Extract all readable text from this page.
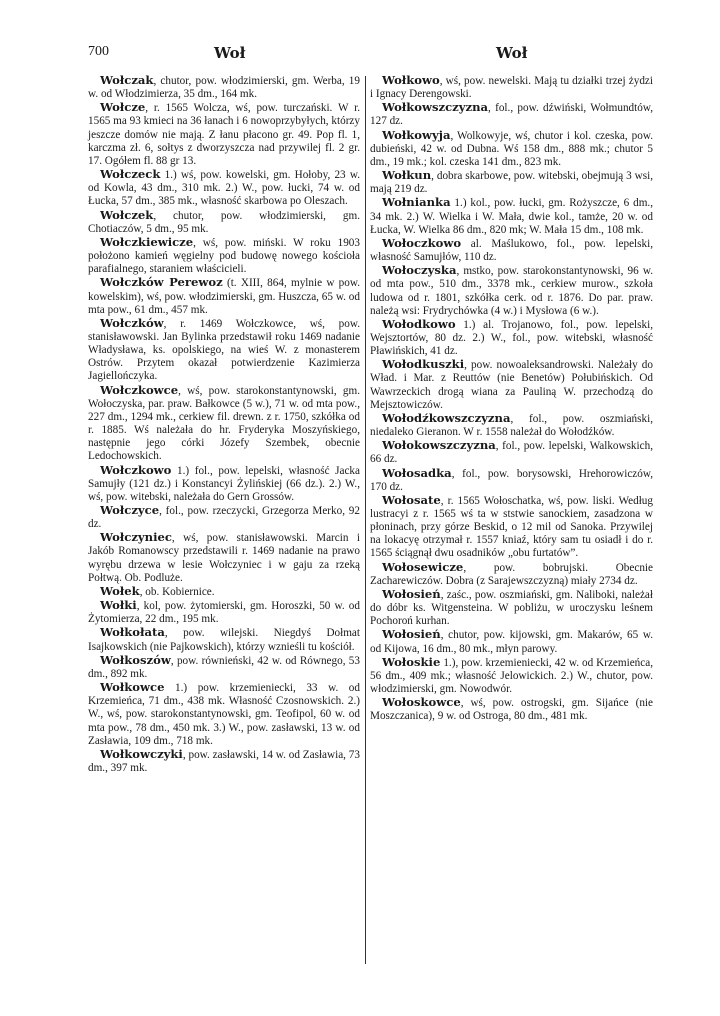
700	Woł	Woł

Wołczak, chutor, pow. włodzimierski, gm. Werba, 19 w. od Włodzimierza, 35 dm., 164 mk.

Wołcze, r. 1565 Wolcza, wś, pow. turczański. W r. 1565 ma 93 kmieci na 36 łanach i 6 nowoprzybyłych, którzy jeszcze domów nie mają. Z łanu płacono gr. 49. Pop fl. 1, karczma zł. 6, sołtys z dworzyszcza nad przywilej fl. 2 gr. 17. Ogółem fl. 88 gr 13.

Wołczeck 1.) wś, pow. kowelski, gm. Hołoby, 23 w. od Kowla, 43 dm., 310 mk. 2.) W., pow. łucki, 74 w. od Łucka, 57 dm., 385 mk., własność skarbowa po Oleszach.

Wołczek, chutor, pow. włodzimierski, gm. Chotiaczów, 5 dm., 95 mk.

Wołczkiewicze, wś, pow. miński. W roku 1903 położono kamień węgielny pod budowę nowego kościoła parafialnego, staraniem właścicieli.

Wołczków Perewoz (t. XIII, 864, mylnie w pow. kowelskim), wś, pow. włodzimierski, gm. Huszcza, 65 w. od mta pow., 61 dm., 457 mk.

Wołczków, r. 1469 Wołczkowce, wś, pow. stanisławowski. Jan Bylinka przedstawił roku 1469 nadanie Władysława, ks. opolskiego, na wieś W. z monasterem Ostrów. Przytem okazał potwierdzenie Kazimierza Jagiellończyka.

Wołczkowce, wś, pow. starokonstantynowski, gm. Wołoczyska, par. praw. Bałkowce (5 w.), 71 w. od mta pow., 227 dm., 1294 mk., cerkiew fil. drewn. z r. 1750, szkółka od r. 1885. Wś należała do hr. Fryderyka Moszyńskiego, następnie jego córki Józefy Szembek, obecnie Ledochowskich.

Wołczkowo 1.) fol., pow. lepelski, własność Jacka Samujły (121 dz.) i Konstancyi Żylińskiej (66 dz.). 2.) W., wś, pow. witebski, należała do Gern Grossów.

Wołczyce, fol., pow. rzeczycki, Grzegorza Merko, 92 dz.

Wołczyniec, wś, pow. stanisławowski. Marcin i Jakób Romanowscy przedstawili r. 1469 nadanie na prawo wyrębu drzewa w lesie Wołczyniec i w gaju za rzeką Połtwą. Ob. Podluże.

Wołek, ob. Kobiernice.

Wołki, kol, pow. żytomierski, gm. Horoszki, 50 w. od Żytomierza, 22 dm., 195 mk.

Wołkołata, pow. wilejski. Niegdyś Dołmat Isajkowskich (nie Pajkowskich), którzy wznieśli tu kościół.

Wołkoszów, pow. równieński, 42 w. od Równego, 53 dm., 892 mk.

Wołkowce 1.) pow. krzemieniecki, 33 w. od Krzemieńca, 71 dm., 438 mk. Własność Czosnowskich. 2.) W., wś, pow. starokonstantynowski, gm. Teofipol, 60 w. od mta pow., 78 dm., 450 mk. 3.) W., pow. zasławski, 13 w. od Zasławia, 109 dm., 718 mk.

Wołkowczyki, pow. zasławski, 14 w. od Zasławia, 73 dm., 397 mk.

Wołkowo, wś, pow. newelski. Mają tu działki trzej żydzi i Ignacy Derengowski.

Wołkowszczyzna, fol., pow. dźwiński, Wołmundtów, 127 dz.

Wołkowyja, Wolkowyje, wś, chutor i kol. czeska, pow. dubieński, 42 w. od Dubna. Wś 158 dm., 888 mk.; chutor 5 dm., 19 mk.; kol. czeska 141 dm., 823 mk.

Wołkun, dobra skarbowe, pow. witebski, obejmują 3 wsi, mają 219 dz.

Wołnianka 1.) kol., pow. łucki, gm. Rożyszcze, 6 dm., 34 mk. 2.) W. Wielka i W. Mała, dwie kol., tamże, 20 w. od Łucka, W. Wielka 86 dm., 820 mk; W. Mała 15 dm., 108 mk.

Wołoczkowo al. Maślukowo, fol., pow. lepelski, własność Samujłów, 110 dz.

Wołoczyska, mstko, pow. starokonstantynowski, 96 w. od mta pow., 510 dm., 3378 mk., cerkiew murow., szkoła ludowa od r. 1801, szkółka cerk. od r. 1876. Do par. praw. należą wsi: Frydrychówka (4 w.) i Mysłowa (6 w.).

Wołodkowo 1.) al. Trojanowo, fol., pow. lepelski, Wejsztortów, 80 dz. 2.) W., fol., pow. witebski, własność Pławińskich, 41 dz.

Wołodkuszki, pow. nowoaleksandrowski. Należały do Wład. i Mar. z Reuttów (nie Benetów) Połubińskich. Od Wawrzeckich drogą wiana za Pauliną W. przechodzą do Mejsztowiczów.

Wołodźkowszczyzna, fol., pow. oszmiański, niedaleko Gieranon. W r. 1558 należał do Wołodźków.

Wołokowszczyzna, fol., pow. lepelski, Walkowskich, 66 dz.

Wołosadka, fol., pow. borysowski, Hrehorowiczów, 170 dz.

Wołosate, r. 1565 Wołoschatka, wś, pow. liski. Według lustracyi z r. 1565 wś ta w ststwie sanockiem, zasadzona w płoninach, przy górze Beskid, o 12 mil od Sanoka. Przywilej na lokacyę otrzymał r. 1557 kniaź, który sam tu osiadł i do r. 1565 ściągnął dwu osadników „obu furtatów”.

Wołosewicze, pow. bobrujski. Obecnie Zacharewiczów. Dobra (z Sarajewszczyzną) miały 2734 dz.

Wołosień, zaśc., pow. oszmiański, gm. Naliboki, należał do dóbr ks. Witgensteina. W pobliżu, w uroczysku leśnem Pochoroń kurhan.

Wołosień, chutor, pow. kijowski, gm. Makarów, 65 w. od Kijowa, 16 dm., 80 mk., młyn parowy.

Wołoskie 1.), pow. krzemieniecki, 42 w. od Krzemieńca, 56 dm., 409 mk.; własność Jelowickich. 2.) W., chutor, pow. włodzimierski, gm. Nowodwór.

Wołoskowce, wś, pow. ostrogski, gm. Sijańce (nie Moszczanica), 9 w. od Ostroga, 80 dm., 481 mk.
